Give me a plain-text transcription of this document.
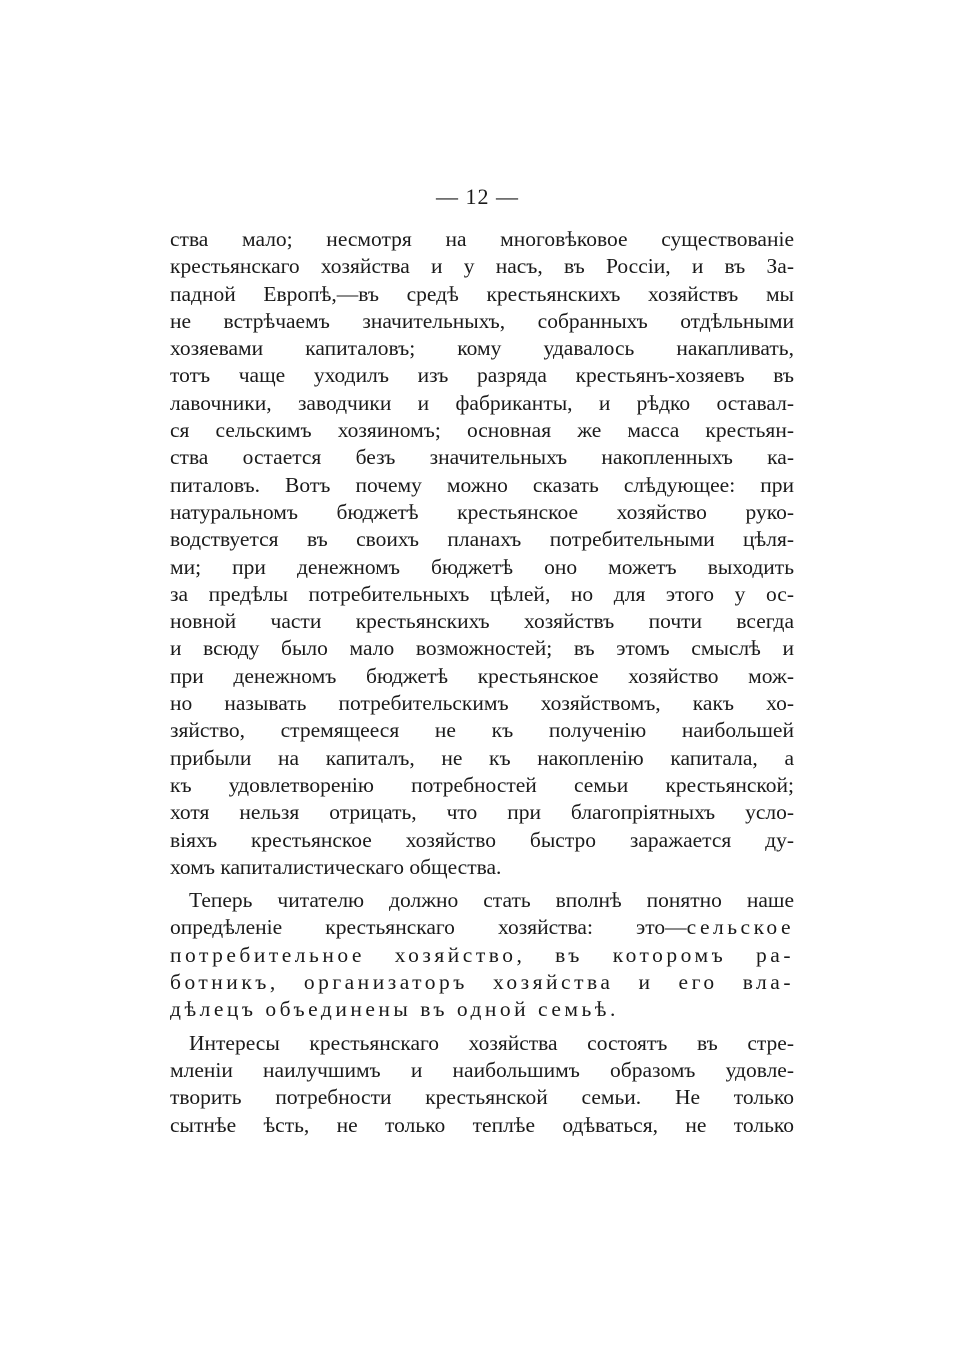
— 12 —
ства мало; несмотря на многовѣковое существованіе
крестьянскаго хозяйства и у насъ, въ Россіи, и въ За-
падной Европѣ,—въ средѣ крестьянскихъ хозяйствъ мы
не встрѣчаемъ значительныхъ, собранныхъ отдѣльными
хозяевами капиталовъ; кому удавалось накапливать,
тотъ чаще уходилъ изъ разряда крестьянъ-хозяевъ въ
лавочники, заводчики и фабриканты, и рѣдко оставал-
ся сельскимъ хозяиномъ; основная же масса крестьян-
ства остается безъ значительныхъ накопленныхъ ка-
питаловъ. Вотъ почему можно сказать слѣдующее: при
натуральномъ бюджетѣ крестьянское хозяйство руко-
водствуется въ своихъ планахъ потребительными цѣля-
ми; при денежномъ бюджетѣ оно можетъ выходить
за предѣлы потребительныхъ цѣлей, но для этого у ос-
новной части крестьянскихъ хозяйствъ почти всегда
и всюду было мало возможностей; въ этомъ смыслѣ и
при денежномъ бюджетѣ крестьянское хозяйство мож-
но называть потребительскимъ хозяйствомъ, какъ хо-
зяйство, стремящееся не къ полученію наибольшей
прибыли на капиталъ, не къ накопленію капитала, а
къ удовлетворенію потребностей семьи крестьянской;
хотя нельзя отрицать, что при благопріятныхъ усло-
віяхъ крестьянское хозяйство быстро заражается ду-
хомъ капиталистическаго общества.
Теперь читателю должно стать вполнѣ понятно наше
опредѣленіе крестьянскаго хозяйства: это—сельское
потребительное хозяйство, въ которомъ ра-
ботникъ, организаторъ хозяйства и его вла-
дѣлецъ объединены въ одной семьѣ.
Интересы крестьянскаго хозяйства состоятъ въ стре-
мленіи наилучшимъ и наибольшимъ образомъ удовле-
творить потребности крестьянской семьи. Не только
сытнѣе ѣсть, не только теплѣе одѣваться, не только
